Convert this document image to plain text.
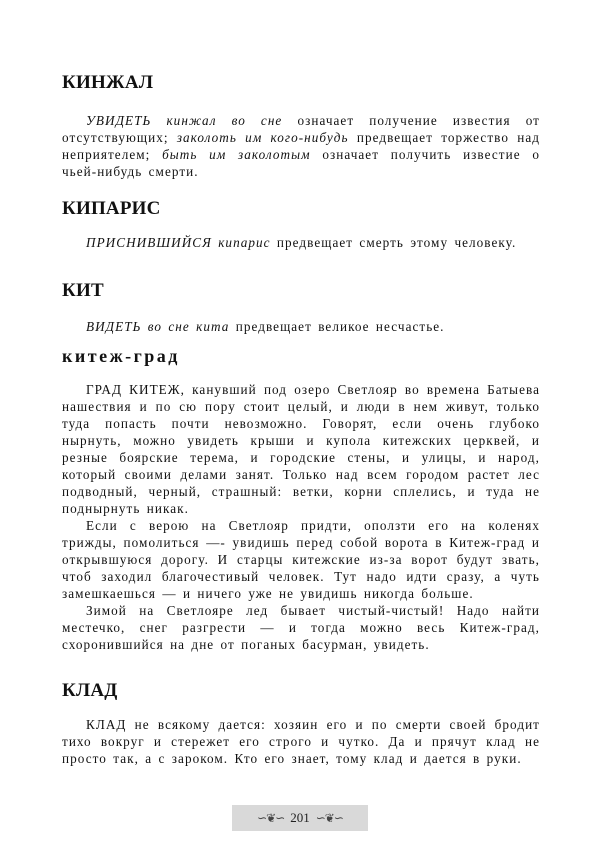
КИНЖАЛ

УВИДЕТЬ кинжал во сне означает получение известия от отсутствующих; заколоть им кого-нибудь предвещает торжество над неприятелем; быть им заколотым означает получить известие о чьей-нибудь смерти.

КИПАРИС

ПРИСНИВШИЙСЯ кипарис предвещает смерть этому человеку.

КИТ

ВИДЕТЬ во сне кита предвещает великое несчастье.

китеж-град

ГРАД КИТЕЖ, канувший под озеро Светлояр во времена Батыева нашествия и по сю пору стоит целый, и люди в нем живут, только туда попасть почти невозможно. Говорят, если очень глубоко нырнуть, можно увидеть крыши и купола китежских церквей, и резные боярские терема, и городские стены, и улицы, и народ, который своими делами занят. Только над всем городом растет лес подводный, черный, страшный: ветки, корни сплелись, и туда не поднырнуть никак.

Если с верою на Светлояр придти, оползти его на коленях трижды, помолиться —- увидишь перед собой ворота в Китеж-град и открывшуюся дорогу. И старцы китежские из-за ворот будут звать, чтоб заходил благочестивый человек. Тут надо идти сразу, а чуть замешкаешься — и ничего уже не увидишь никогда больше.

Зимой на Светлояре лед бывает чистый-чистый! Надо найти местечко, снег разгрести — и тогда можно весь Китеж-град, схоронившийся на дне от поганых басурман, увидеть.

КЛАД

КЛАД не всякому дается: хозяин его и по смерти своей бродит тихо вокруг и стережет его строго и чутко. Да и прячут клад не просто так, а с зароком. Кто его знает, тому клад и дается в руки.

∽❦∽ 201 ∽❦∽
